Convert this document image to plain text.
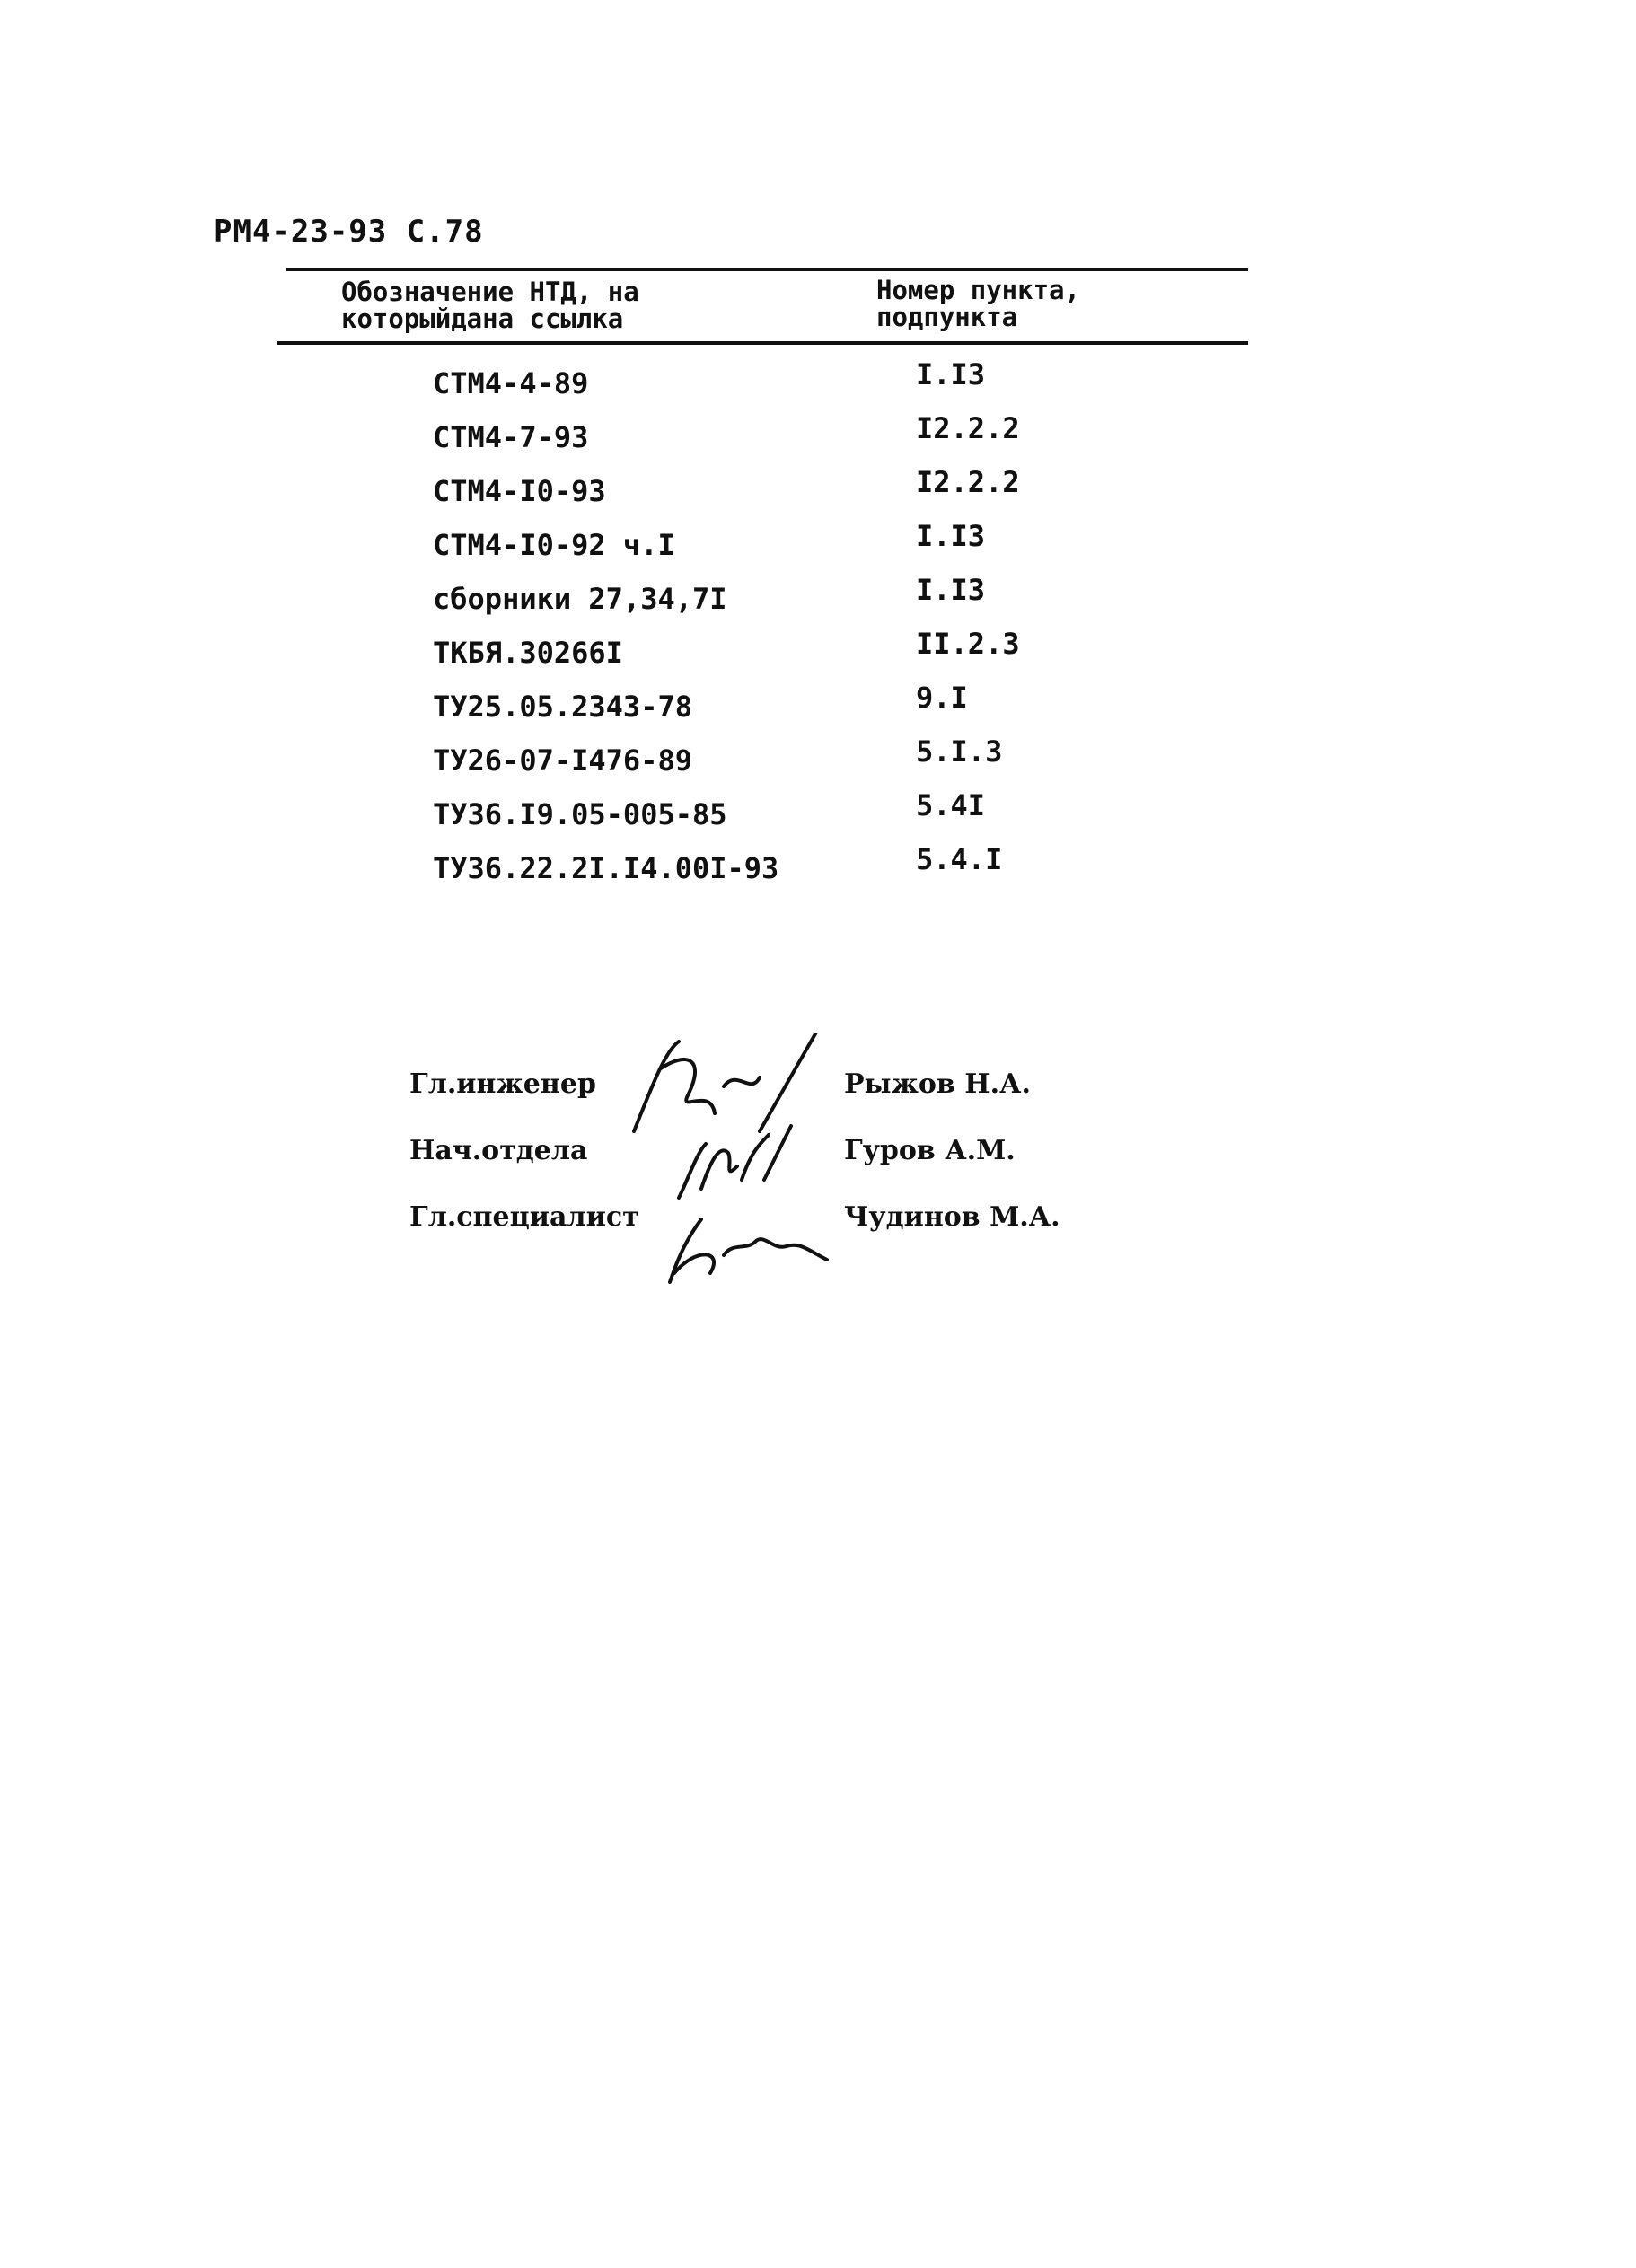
РМ4-23-93 С.78
Обозначение НТД, на
которыйдана ссылка
Номер пункта,
подпункта
СТМ4-4-89	I.I3
СТМ4-7-93	I2.2.2
СТМ4-I0-93	I2.2.2
СТМ4-I0-92 ч.I	I.I3
сборники 27,34,7I	I.I3
ТКБЯ.30266I	II.2.3
ТУ25.05.2343-78	9.I
ТУ26-07-I476-89	5.I.3
ТУ36.I9.05-005-85	5.4I
ТУ36.22.2I.I4.00I-93	5.4.I
Гл.инженер	Рыжов Н.А.
Нач.отдела	Гуров А.М.
Гл.специалист	Чудинов М.А.
